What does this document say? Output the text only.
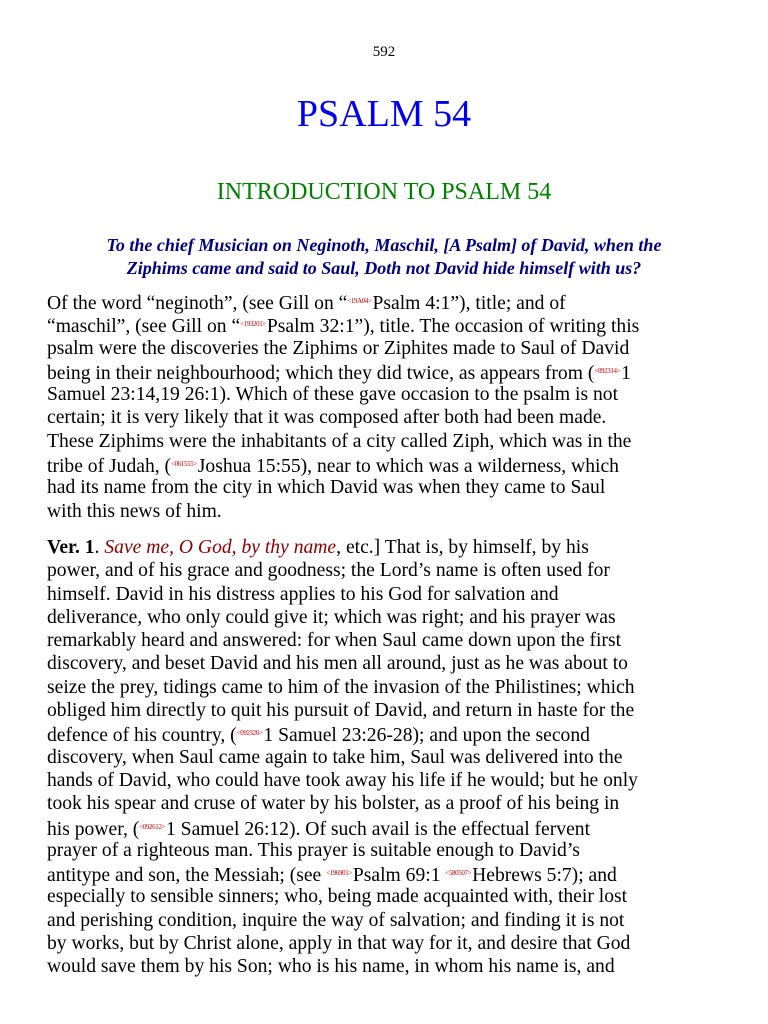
592
PSALM 54
INTRODUCTION TO PSALM 54
To the chief Musician on Neginoth, Maschil, [A Psalm] of David, when the
Ziphims came and said to Saul, Doth not David hide himself with us?
Of the word “neginoth”, (see Gill on “<19A04>Psalm 4:1”), title; and of
“maschil”, (see Gill on “<193201>Psalm 32:1”), title. The occasion of writing this
psalm were the discoveries the Ziphims or Ziphites made to Saul of David
being in their neighbourhood; which they did twice, as appears from (<092314>1
Samuel 23:14,19 26:1). Which of these gave occasion to the psalm is not
certain; it is very likely that it was composed after both had been made.
These Ziphims were the inhabitants of a city called Ziph, which was in the
tribe of Judah, (<061555>Joshua 15:55), near to which was a wilderness, which
had its name from the city in which David was when they came to Saul
with this news of him.
Ver. 1. Save me, O God, by thy name, etc.] That is, by himself, by his
power, and of his grace and goodness; the Lord’s name is often used for
himself. David in his distress applies to his God for salvation and
deliverance, who only could give it; which was right; and his prayer was
remarkably heard and answered: for when Saul came down upon the first
discovery, and beset David and his men all around, just as he was about to
seize the prey, tidings came to him of the invasion of the Philistines; which
obliged him directly to quit his pursuit of David, and return in haste for the
defence of his country, (<092326>1 Samuel 23:26-28); and upon the second
discovery, when Saul came again to take him, Saul was delivered into the
hands of David, who could have took away his life if he would; but he only
took his spear and cruse of water by his bolster, as a proof of his being in
his power, (<092612>1 Samuel 26:12). Of such avail is the effectual fervent
prayer of a righteous man. This prayer is suitable enough to David’s
antitype and son, the Messiah; (see <196901>Psalm 69:1 <580507>Hebrews 5:7); and
especially to sensible sinners; who, being made acquainted with, their lost
and perishing condition, inquire the way of salvation; and finding it is not
by works, but by Christ alone, apply in that way for it, and desire that God
would save them by his Son; who is his name, in whom his name is, and
